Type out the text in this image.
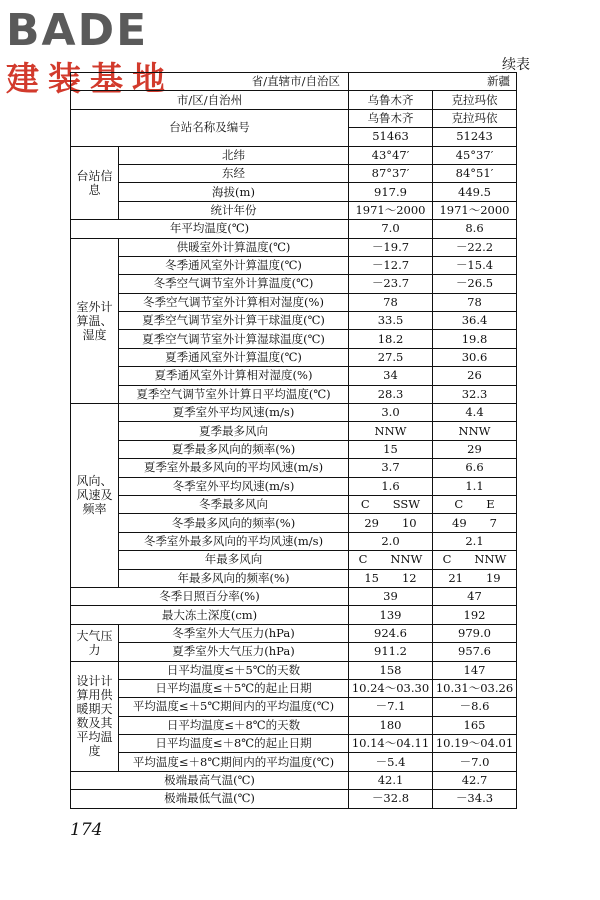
BADE
建装基地	续表
省/直辖市/自治区		新疆	
市/区/自治州		乌鲁木齐	克拉玛依
台站名称及编号		乌鲁木齐	克拉玛依
		51463	51243
台站信息	北纬	43°47′	45°37′
	东经	87°37′	84°51′
	海拔(m)	917.9	449.5
	统计年份	1971～2000	1971～2000
年平均温度(℃)		7.0	8.6
室外计算温、湿度	供暖室外计算温度(℃)	－19.7	－22.2
	冬季通风室外计算温度(℃)	－12.7	－15.4
	冬季空气调节室外计算温度(℃)	－23.7	－26.5
	冬季空气调节室外计算相对湿度(%)	78	78
	夏季空气调节室外计算干球温度(℃)	33.5	36.4
	夏季空气调节室外计算湿球温度(℃)	18.2	19.8
	夏季通风室外计算温度(℃)	27.5	30.6
	夏季通风室外计算相对湿度(%)	34	26
	夏季空气调节室外计算日平均温度(℃)	28.3	32.3
风向、风速及频率	夏季室外平均风速(m/s)	3.0	4.4
	夏季最多风向	NNW	NNW
	夏季最多风向的频率(%)	15	29
	夏季室外最多风向的平均风速(m/s)	3.7	6.6
	冬季室外平均风速(m/s)	1.6	1.1
	冬季最多风向	C　　SSW	C　　E
	冬季最多风向的频率(%)	29　　10	49　　7
	冬季室外最多风向的平均风速(m/s)	2.0	2.1
	年最多风向	C　　NNW	C　　NNW
	年最多风向的频率(%)	15　　12	21　　19
冬季日照百分率(%)		39	47
最大冻土深度(cm)		139	192
大气压力	冬季室外大气压力(hPa)	924.6	979.0
	夏季室外大气压力(hPa)	911.2	957.6
设计计算用供暖期天数及其平均温度	日平均温度≤＋5℃的天数	158	147
	日平均温度≤＋5℃的起止日期	10.24～03.30	10.31～03.26
	平均温度≤＋5℃期间内的平均温度(℃)	－7.1	－8.6
	日平均温度≤＋8℃的天数	180	165
	日平均温度≤＋8℃的起止日期	10.14～04.11	10.19～04.01
	平均温度≤＋8℃期间内的平均温度(℃)	－5.4	－7.0
极端最高气温(℃)		42.1	42.7
极端最低气温(℃)		－32.8	－34.3
174
